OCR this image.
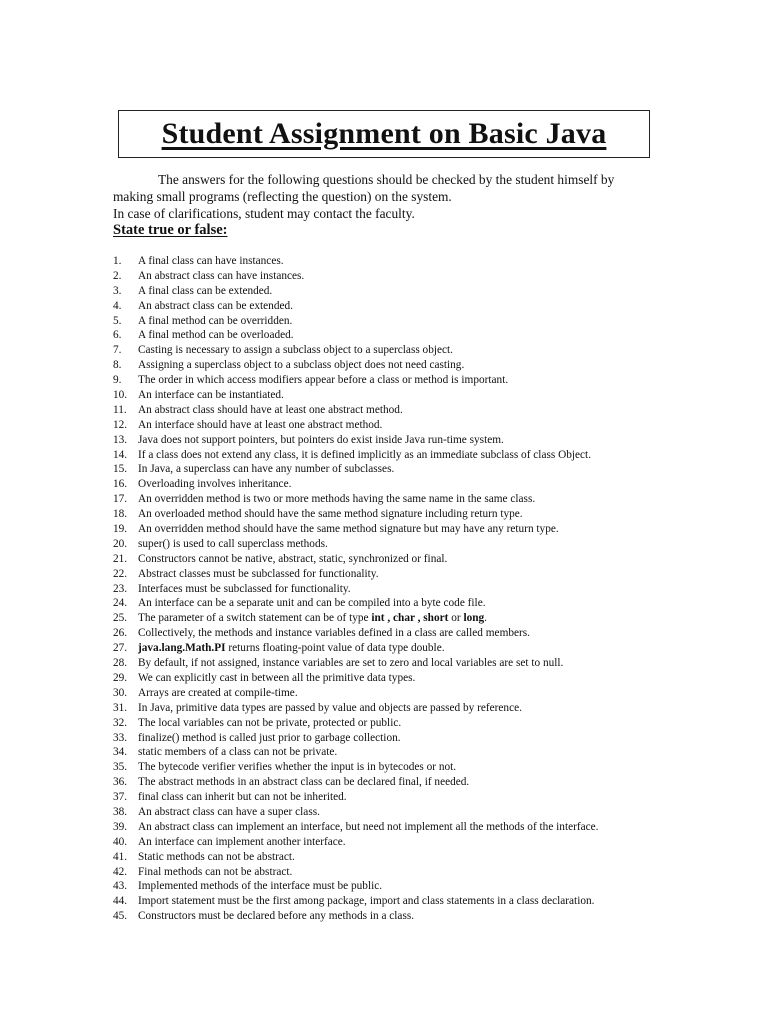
Student Assignment on Basic Java
The answers for the following questions should be checked by the student himself by making small programs (reflecting the question) on the system.
In case of clarifications, student may contact the faculty.
State true or false:
1.	A final class can have instances.
2.	An abstract class can have instances.
3.	A final class can be extended.
4.	An abstract class can be extended.
5.	A final method can be overridden.
6.	A final method can be overloaded.
7.	Casting is necessary to assign a subclass object to a superclass object.
8.	Assigning a superclass object to a subclass object does not need casting.
9.	The order in which access modifiers appear before a class or method is important.
10. An interface can be instantiated.
11. An abstract class should have at least one abstract method.
12. An interface should have at least one abstract method.
13. Java does not support pointers, but pointers do exist inside Java run-time system.
14. If a class does not extend any class, it is defined implicitly as an immediate subclass of class Object.
15. In Java, a superclass can have any number of subclasses.
16. Overloading involves inheritance.
17. An overridden method is two or more methods having the same name in the same class.
18. An overloaded method should have the same method signature including return type.
19. An overridden method should have the same method signature but may have any return type.
20. super() is used to call superclass methods.
21. Constructors cannot be native, abstract, static, synchronized or final.
22. Abstract classes must be subclassed for functionality.
23. Interfaces must be subclassed for functionality.
24. An interface can be a separate unit and can be compiled into a byte code file.
25. The parameter of a switch statement can be of type int , char , short or long.
26. Collectively, the methods and instance variables defined in a class are called members.
27. java.lang.Math.PI returns floating-point value of data type double.
28. By default, if not assigned, instance variables are set to zero and local variables are set to null.
29. We can explicitly cast in between all the primitive data types.
30. Arrays are created at compile-time.
31. In Java, primitive data types are passed by value and objects are passed by reference.
32. The local variables can not be private, protected or public.
33. finalize() method is called just prior to garbage collection.
34. static members of a class can not be private.
35. The bytecode verifier verifies whether the input is in bytecodes or not.
36. The abstract methods in an abstract class can be declared final, if needed.
37. final class can inherit but can not be inherited.
38. An abstract class can have a super class.
39. An abstract class can implement an interface, but need not implement all the methods of the interface.
40. An interface can implement another interface.
41. Static methods can not be abstract.
42. Final methods can not be abstract.
43. Implemented methods of the interface must be public.
44. Import statement must be the first among package, import and class statements in a class declaration.
45. Constructors must be declared before any methods in a class.
